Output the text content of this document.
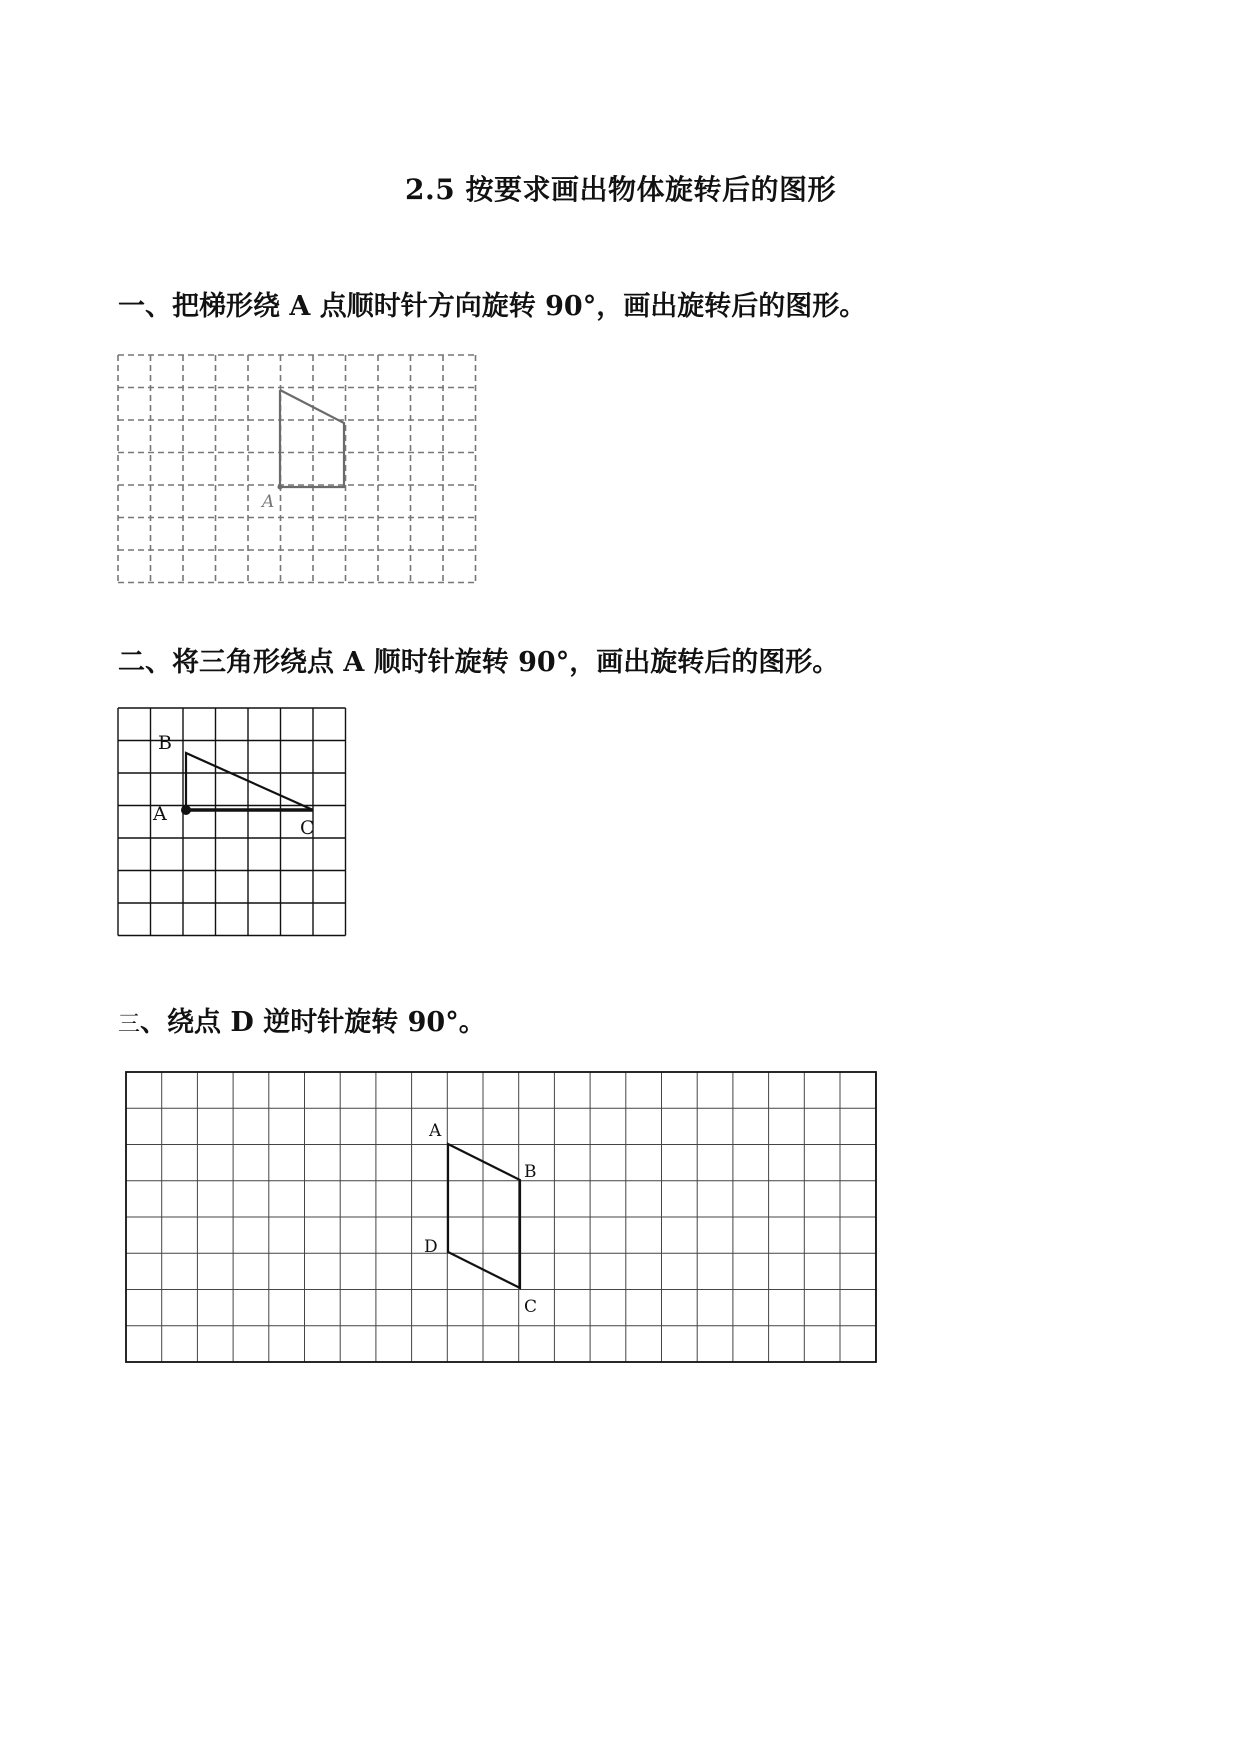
2.5 按要求画出物体旋转后的图形
一、把梯形绕 A 点顺时针方向旋转 90°，画出旋转后的图形。
A
二、将三角形绕点 A 顺时针旋转 90°，画出旋转后的图形。
B
A
C
三、绕点 D 逆时针旋转 90°。
A
B
D
C
